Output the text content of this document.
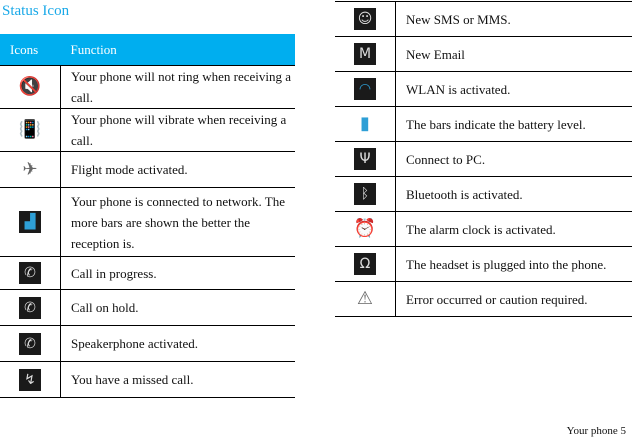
Status Icon
Icons	Function
🔇	Your phone will not ring when receiving a call.
📳	Your phone will vibrate when receiving a call.
✈	Flight mode activated.
▟	Your phone is connected to network. The more bars are shown the better the reception is.
✆	Call in progress.
✆	Call on hold.
✆	Speakerphone activated.
↯	You have a missed call.
☺	New SMS or MMS.
M	New Email
◠	WLAN is activated.
▮	The bars indicate the battery level.
Ψ	Connect to PC.
ᛒ	Bluetooth is activated.
⏰	The alarm clock is activated.
Ω	The headset is plugged into the phone.
⚠	Error occurred or caution required.
Your phone 5
